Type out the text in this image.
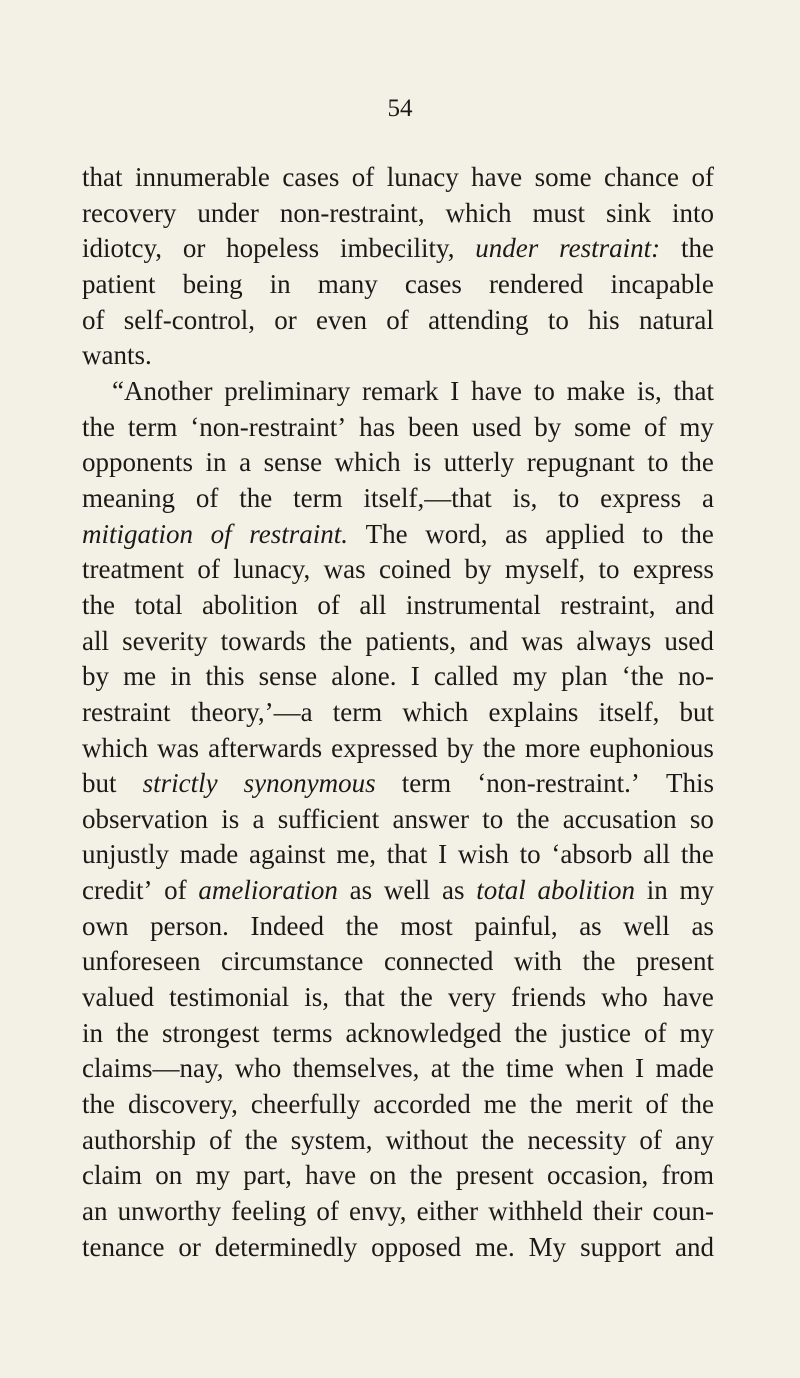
54
that innumerable cases of lunacy have some chance of
recovery under non-restraint, which must sink into
idiotcy, or hopeless imbecility, under restraint: the
patient being in many cases rendered incapable
of self-control, or even of attending to his natural
wants.
“Another preliminary remark I have to make is, that
the term ‘non-restraint’ has been used by some of my
opponents in a sense which is utterly repugnant to the
meaning of the term itself,—that is, to express a
mitigation of restraint. The word, as applied to the
treatment of lunacy, was coined by myself, to express
the total abolition of all instrumental restraint, and
all severity towards the patients, and was always used
by me in this sense alone. I called my plan ‘the no-
restraint theory,’—a term which explains itself, but
which was afterwards expressed by the more euphonious
but strictly synonymous term ‘non-restraint.’ This
observation is a sufficient answer to the accusation so
unjustly made against me, that I wish to ‘absorb all the
credit’ of amelioration as well as total abolition in my
own person. Indeed the most painful, as well as
unforeseen circumstance connected with the present
valued testimonial is, that the very friends who have
in the strongest terms acknowledged the justice of my
claims—nay, who themselves, at the time when I made
the discovery, cheerfully accorded me the merit of the
authorship of the system, without the necessity of any
claim on my part, have on the present occasion, from
an unworthy feeling of envy, either withheld their coun-
tenance or determinedly opposed me. My support and
